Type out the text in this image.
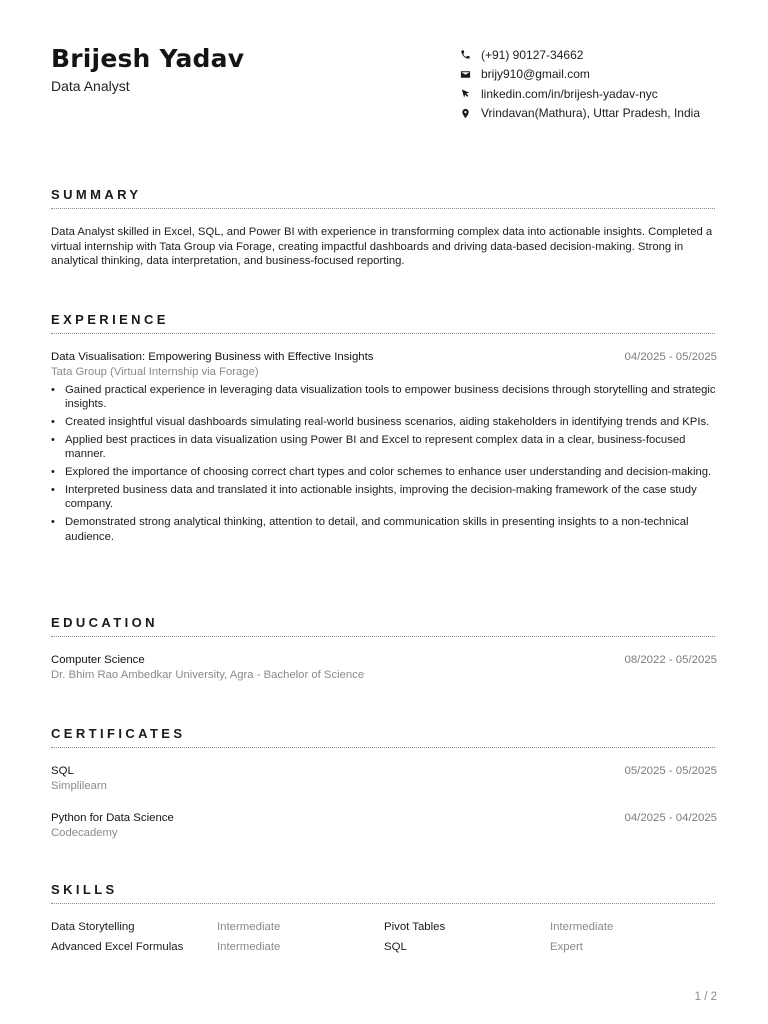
Brijesh Yadav
Data Analyst
(+91) 90127-34662
brijy910@gmail.com
linkedin.com/in/brijesh-yadav-nyc
Vrindavan(Mathura), Uttar Pradesh, India
SUMMARY
Data Analyst skilled in Excel, SQL, and Power BI with experience in transforming complex data into actionable insights. Completed a virtual internship with Tata Group via Forage, creating impactful dashboards and driving data-based decision-making. Strong in analytical thinking, data interpretation, and business-focused reporting.
EXPERIENCE
Data Visualisation: Empowering Business with Effective Insights	04/2025 - 05/2025
Tata Group (Virtual Internship via Forage)
• Gained practical experience in leveraging data visualization tools to empower business decisions through storytelling and strategic insights.
• Created insightful visual dashboards simulating real-world business scenarios, aiding stakeholders in identifying trends and KPIs.
• Applied best practices in data visualization using Power BI and Excel to represent complex data in a clear, business-focused manner.
• Explored the importance of choosing correct chart types and color schemes to enhance user understanding and decision-making.
• Interpreted business data and translated it into actionable insights, improving the decision-making framework of the case study company.
• Demonstrated strong analytical thinking, attention to detail, and communication skills in presenting insights to a non-technical audience.
EDUCATION
Computer Science	08/2022 - 05/2025
Dr. Bhim Rao Ambedkar University, Agra - Bachelor of Science
CERTIFICATES
SQL	05/2025 - 05/2025
Simplilearn
Python for Data Science	04/2025 - 04/2025
Codecademy
SKILLS
Data Storytelling	Intermediate	Pivot Tables	Intermediate
Advanced Excel Formulas	Intermediate	SQL	Expert
1 / 2
